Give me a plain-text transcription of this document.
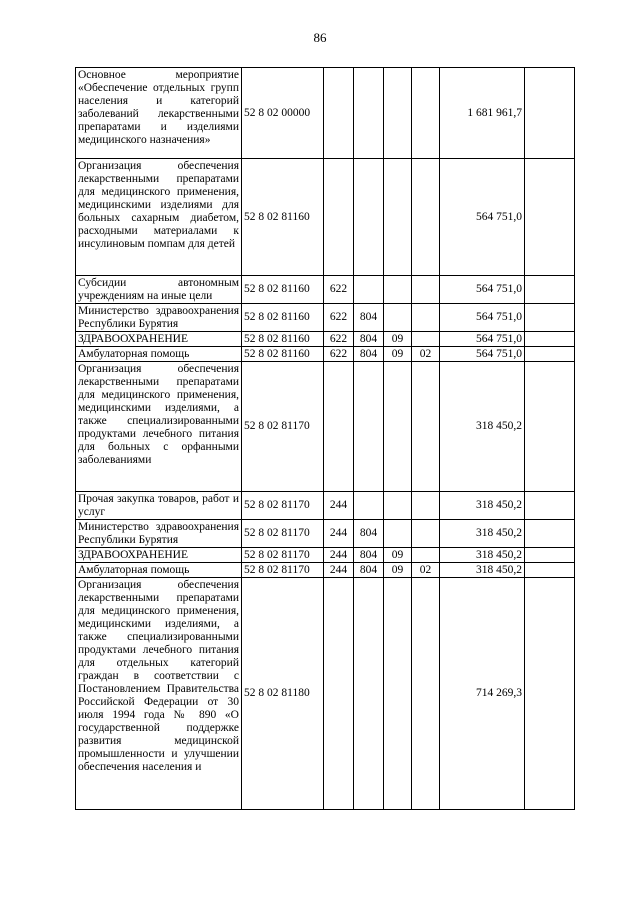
86
Основное мероприятие «Обеспечение отдельных групп населения и категорий заболеваний лекарственными препаратами и изделиями медицинского назначения»	52 8 02 00000					1 681 961,7	
Организация обеспечения лекарственными препаратами для медицинского применения, медицинскими изделиями для больных сахарным диабетом, расходными материалами к инсулиновым помпам для детей	52 8 02 81160					564 751,0	
Субсидии автономным учреждениям на иные цели	52 8 02 81160	622				564 751,0	
Министерство здравоохранения Республики Бурятия	52 8 02 81160	622	804			564 751,0	
ЗДРАВООХРАНЕНИЕ	52 8 02 81160	622	804	09		564 751,0	
Амбулаторная помощь	52 8 02 81160	622	804	09	02	564 751,0	
Организация обеспечения лекарственными препаратами для медицинского применения, медицинскими изделиями, а также специализированными продуктами лечебного питания для больных с орфанными заболеваниями	52 8 02 81170					318 450,2	
Прочая закупка товаров, работ и услуг	52 8 02 81170	244				318 450,2	
Министерство здравоохранения Республики Бурятия	52 8 02 81170	244	804			318 450,2	
ЗДРАВООХРАНЕНИЕ	52 8 02 81170	244	804	09		318 450,2	
Амбулаторная помощь	52 8 02 81170	244	804	09	02	318 450,2	
Организация обеспечения лекарственными препаратами для медицинского применения, медицинскими изделиями, а также специализированными продуктами лечебного питания для отдельных категорий граждан в соответствии с Постановлением Правительства Российской Федерации от 30 июля 1994 года № 890 «О государственной поддержке развития медицинской промышленности и улучшении обеспечения населения и	52 8 02 81180					714 269,3	
